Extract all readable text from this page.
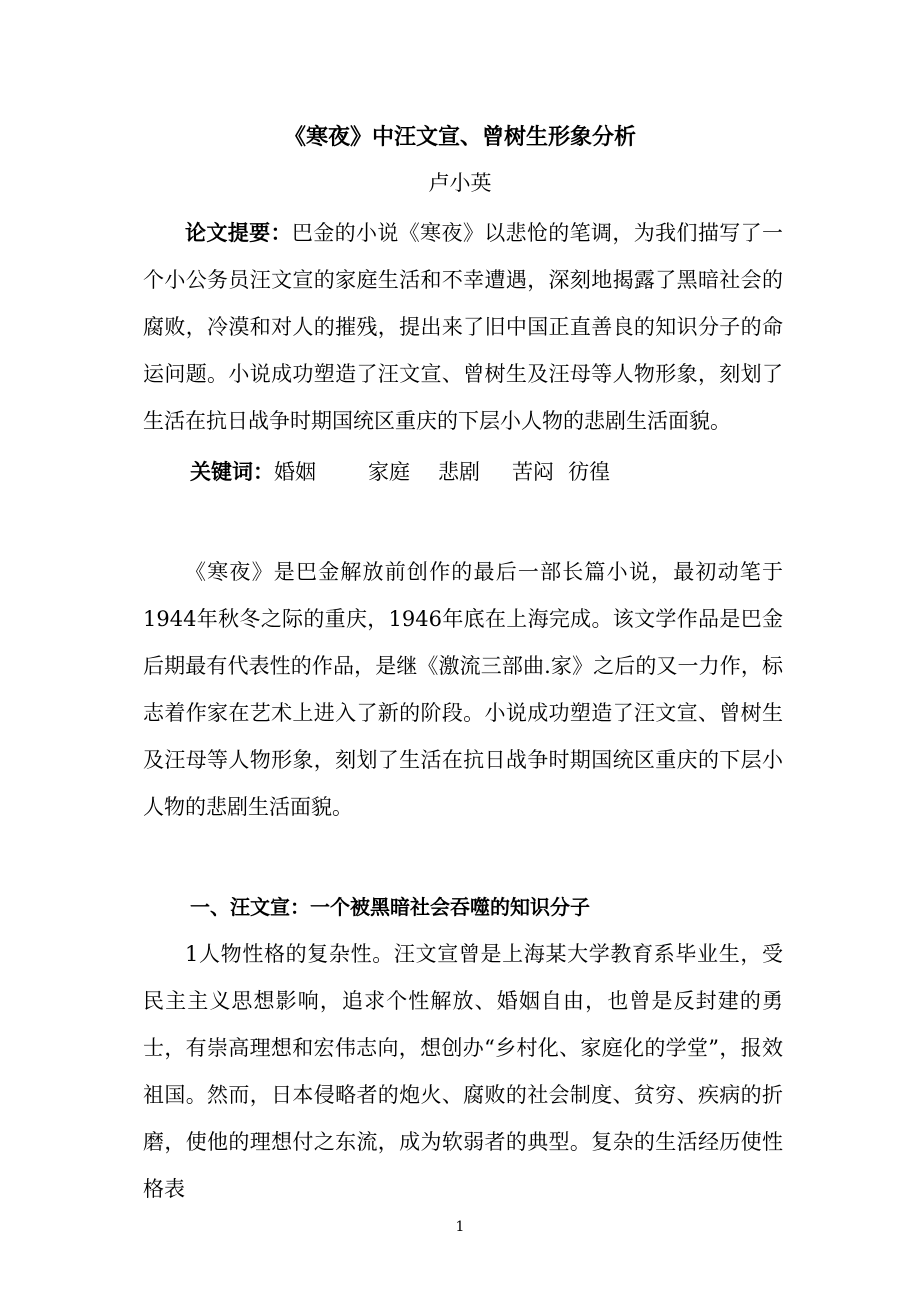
《寒夜》中汪文宣、曾树生形象分析
卢小英

论文提要：巴金的小说《寒夜》以悲怆的笔调，为我们描写了一个小公务员汪文宣的家庭生活和不幸遭遇，深刻地揭露了黑暗社会的腐败，冷漠和对人的摧残，提出来了旧中国正直善良的知识分子的命运问题。小说成功塑造了汪文宣、曾树生及汪母等人物形象，刻划了生活在抗日战争时期国统区重庆的下层小人物的悲剧生活面貌。

关键词：婚姻 家庭 悲剧 苦闷 彷徨

《寒夜》是巴金解放前创作的最后一部长篇小说，最初动笔于1944年秋冬之际的重庆，1946年底在上海完成。该文学作品是巴金后期最有代表性的作品，是继《激流三部曲.家》之后的又一力作，标志着作家在艺术上进入了新的阶段。小说成功塑造了汪文宣、曾树生及汪母等人物形象，刻划了生活在抗日战争时期国统区重庆的下层小人物的悲剧生活面貌。

一、汪文宣：一个被黑暗社会吞噬的知识分子

1人物性格的复杂性。汪文宣曾是上海某大学教育系毕业生，受民主主义思想影响，追求个性解放、婚姻自由，也曾是反封建的勇士，有崇高理想和宏伟志向，想创办“乡村化、家庭化的学堂”，报效祖国。然而，日本侵略者的炮火、腐败的社会制度、贫穷、疾病的折磨，使他的理想付之东流，成为软弱者的典型。复杂的生活经历使性格表

1
